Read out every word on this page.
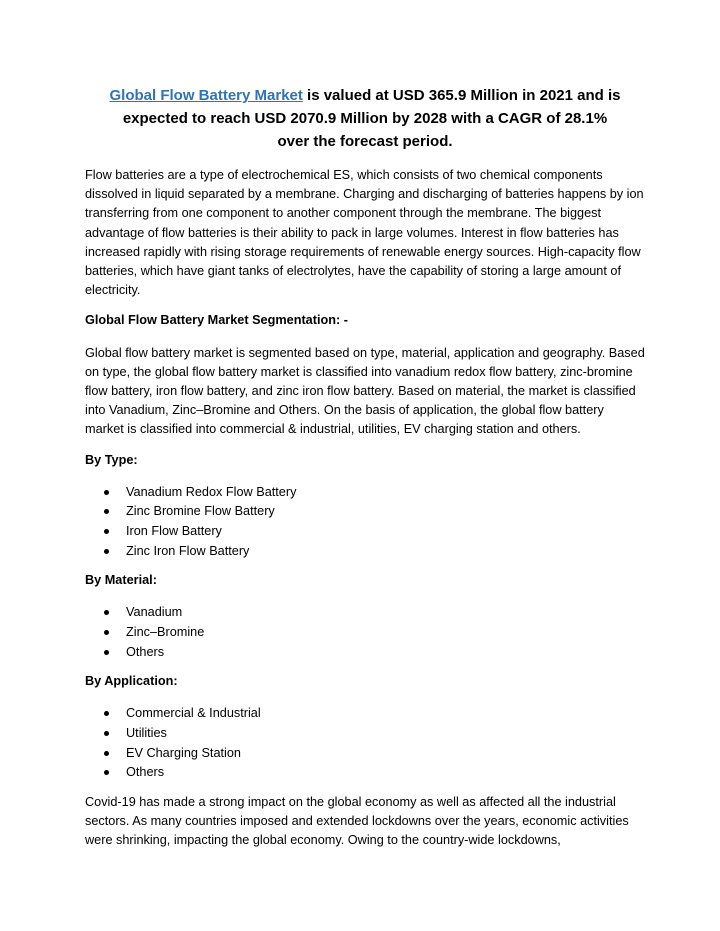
Global Flow Battery Market is valued at USD 365.9 Million in 2021 and is
expected to reach USD 2070.9 Million by 2028 with a CAGR of 28.1%
over the forecast period.

Flow batteries are a type of electrochemical ES, which consists of two chemical components dissolved in liquid separated by a membrane. Charging and discharging of batteries happens by ion transferring from one component to another component through the membrane. The biggest advantage of flow batteries is their ability to pack in large volumes. Interest in flow batteries has increased rapidly with rising storage requirements of renewable energy sources. High-capacity flow batteries, which have giant tanks of electrolytes, have the capability of storing a large amount of electricity.

Global Flow Battery Market Segmentation: -

Global flow battery market is segmented based on type, material, application and geography. Based on type, the global flow battery market is classified into vanadium redox flow battery, zinc-bromine flow battery, iron flow battery, and zinc iron flow battery. Based on material, the market is classified into Vanadium, Zinc–Bromine and Others. On the basis of application, the global flow battery market is classified into commercial & industrial, utilities, EV charging station and others.

By Type:

Vanadium Redox Flow Battery
Zinc Bromine Flow Battery
Iron Flow Battery
Zinc Iron Flow Battery

By Material:

Vanadium
Zinc–Bromine
Others

By Application:

Commercial & Industrial
Utilities
EV Charging Station
Others

Covid-19 has made a strong impact on the global economy as well as affected all the industrial sectors. As many countries imposed and extended lockdowns over the years, economic activities were shrinking, impacting the global economy. Owing to the country-wide lockdowns,
